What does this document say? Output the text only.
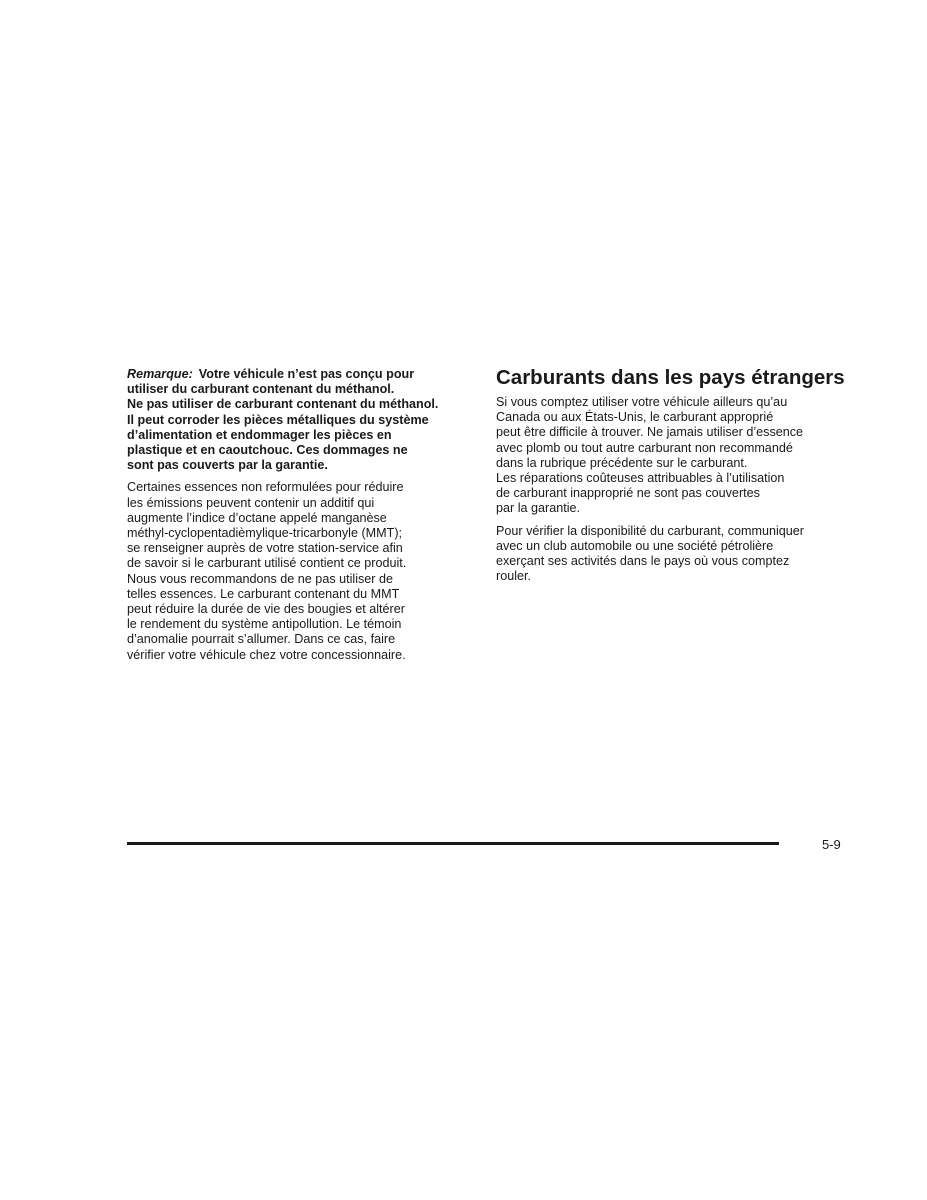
Remarque: Votre véhicule n’est pas conçu pour
utiliser du carburant contenant du méthanol.
Ne pas utiliser de carburant contenant du méthanol.
Il peut corroder les pièces métalliques du système
d’alimentation et endommager les pièces en
plastique et en caoutchouc. Ces dommages ne
sont pas couverts par la garantie.
Certaines essences non reformulées pour réduire
les émissions peuvent contenir un additif qui
augmente l’indice d’octane appelé manganèse
méthyl-cyclopentadièmylique-tricarbonyle (MMT);
se renseigner auprès de votre station-service afin
de savoir si le carburant utilisé contient ce produit.
Nous vous recommandons de ne pas utiliser de
telles essences. Le carburant contenant du MMT
peut réduire la durée de vie des bougies et altérer
le rendement du système antipollution. Le témoin
d’anomalie pourrait s’allumer. Dans ce cas, faire
vérifier votre véhicule chez votre concessionnaire.
Carburants dans les pays étrangers
Si vous comptez utiliser votre véhicule ailleurs qu’au
Canada ou aux États-Unis, le carburant approprié
peut être difficile à trouver. Ne jamais utiliser d’essence
avec plomb ou tout autre carburant non recommandé
dans la rubrique précédente sur le carburant.
Les réparations coûteuses attribuables à l’utilisation
de carburant inapproprié ne sont pas couvertes
par la garantie.
Pour vérifier la disponibilité du carburant, communiquer
avec un club automobile ou une société pétrolière
exerçant ses activités dans le pays où vous comptez
rouler.
5-9
